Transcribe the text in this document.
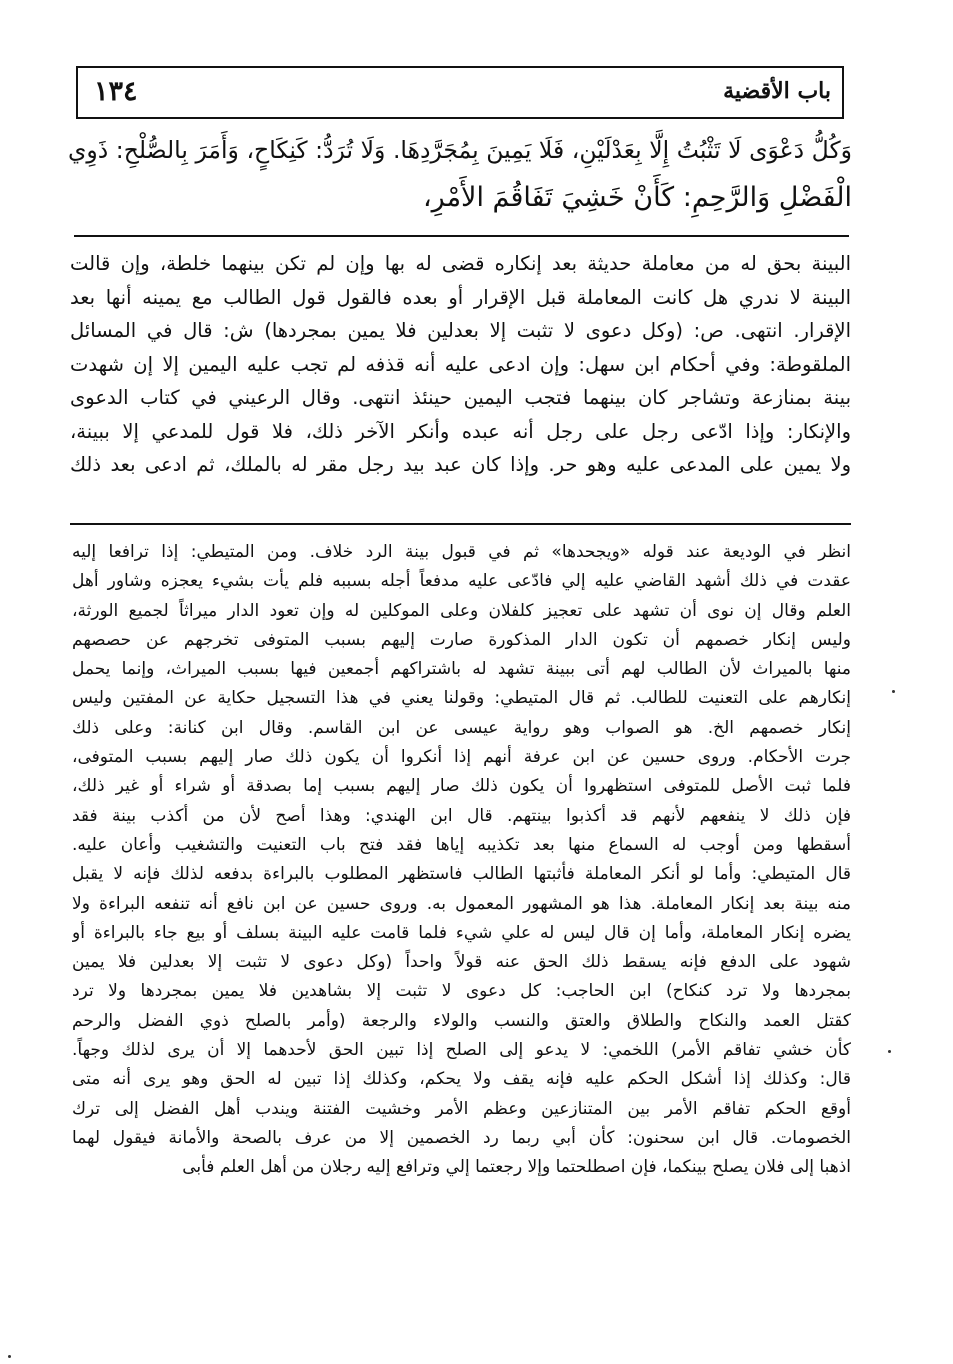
١٣٤	باب الأقضية
وَكُلُّ دَعْوَى لَا تَثْبُتُ إِلَّا بِعَدْلَيْنِ، فَلَا يَمِينَ بِمُجَرَّدِهَا. وَلَا تُرَدُّ: كَنِكَاحٍ، وَأَمَرَ بِالصُّلْحِ: ذَوِي
الْفَضْلِ وَالرَّحِمِ: كَأَنْ خَشِيَ تَفَاقُمَ الأَمْرِ،
البينة بحق له من معاملة حديثة بعد إنكاره قضى له بها وإن لم تكن بينهما خلطة، وإن قالت
البينة لا ندري هل كانت المعاملة قبل الإقرار أو بعده فالقول قول الطالب مع يمينه أنها بعد
الإقرار. انتهى. ص: (وكل دعوى لا تثبت إلا بعدلين فلا يمين بمجردها) ش: قال في المسائل
الملقوطة: وفي أحكام ابن سهل: وإن ادعى عليه أنه قذفه لم تجب عليه اليمين إلا إن شهدت
بينة بمنازعة وتشاجر كان بينهما فتجب اليمين حينئذ انتهى. وقال الرعيني في كتاب الدعوى
والإنكار: وإذا ادّعى رجل على رجل أنه عبده وأنكر الآخر ذلك، فلا قول للمدعي إلا ببينة،
ولا يمين على المدعى عليه وهو حر. وإذا كان عبد بيد رجل مقر له بالملك، ثم ادعى بعد ذلك
انظر في الوديعة عند قوله «ويجحدها» ثم في قبول بينة الرد خلاف. ومن المتيطي: إذا ترافعا إليه
عقدت في ذلك أشهد القاضي عليه إلي فادّعى عليه مدفعاً أجله بسببه فلم يأت بشيء يعجزه وشاور أهل
العلم وقال إن نوى أن تشهد على تعجيز كلفلان وعلى الموكلين له وإن تعود الدار ميراثاً لجميع الورثة،
وليس إنكار خصمهم أن تكون الدار المذكورة صارت إليهم بسبب المتوفى تخرجهم عن حصصهم
منها بالميراث لأن الطالب لهم أتى ببينة تشهد له باشتراكهم أجمعين فيها بسبب الميراث، وإنما يحمل
إنكارهم على التعنيت للطالب. ثم قال المتيطي: وقولنا يعني في هذا التسجيل حكاية عن المفتين وليس
إنكار خصمهم الخ. هو الصواب وهو رواية عيسى عن ابن القاسم. وقال ابن كنانة: وعلى ذلك
جرت الأحكام. وروى حسين عن ابن عرفة أنهم إذا أنكروا أن يكون ذلك صار إليهم بسبب المتوفى،
فلما ثبت الأصل للمتوفى استظهروا أن يكون ذلك صار إليهم بسبب إما بصدقة أو شراء أو غير ذلك،
فإن ذلك لا ينفعهم لأنهم قد أكذبوا بينتهم. قال ابن الهندي: وهذا أصح لأن من أكذب بينة فقد
أسقطها ومن أوجب له السماع منها بعد تكذيبه إياها فقد فتح باب التعنيت والتشغيب وأعان عليه.
قال المتيطي: وأما لو أنكر المعاملة فأثبتها الطالب فاستظهر المطلوب بالبراءة بدفعه لذلك فإنه لا يقبل
منه بينة بعد إنكار المعاملة. هذا هو المشهور المعمول به. وروى حسين عن ابن نافع أنه تنفعه البراءة ولا
يضره إنكار المعاملة، وأما إن قال ليس له علي شيء فلما قامت عليه البينة بسلف أو بيع جاء بالبراءة أو
شهود على الدفع فإنه يسقط ذلك الحق عنه قولاً واحداً (وكل دعوى لا تثبت إلا بعدلين فلا يمين
بمجردها ولا ترد كنكاح) ابن الحاجب: كل دعوى لا تثبت إلا بشاهدين فلا يمين بمجردها ولا ترد
كقتل العمد والنكاح والطلاق والعتق والنسب والولاء والرجعة (وأمر بالصلح ذوي الفضل والرحم
كأن خشي تفاقم الأمر) اللخمي: لا يدعو إلى الصلح إذا تبين الحق لأحدهما إلا أن يرى لذلك وجهاً.
قال: وكذلك إذا أشكل الحكم عليه فإنه يقف ولا يحكم، وكذلك إذا تبين له الحق وهو يرى أنه متى
أوقع الحكم تفاقم الأمر بين المتنازعين وعظم الأمر وخشيت الفتنة ويندب أهل الفضل إلى ترك
الخصومات. قال ابن سحنون: كأن أبي ربما رد الخصمين إلا من عرف بالصحة والأمانة فيقول لهما
اذهبا إلى فلان يصلح بينكما، فإن اصطلحتما وإلا رجعتما إلي وترافع إليه رجلان من أهل العلم فأبى
